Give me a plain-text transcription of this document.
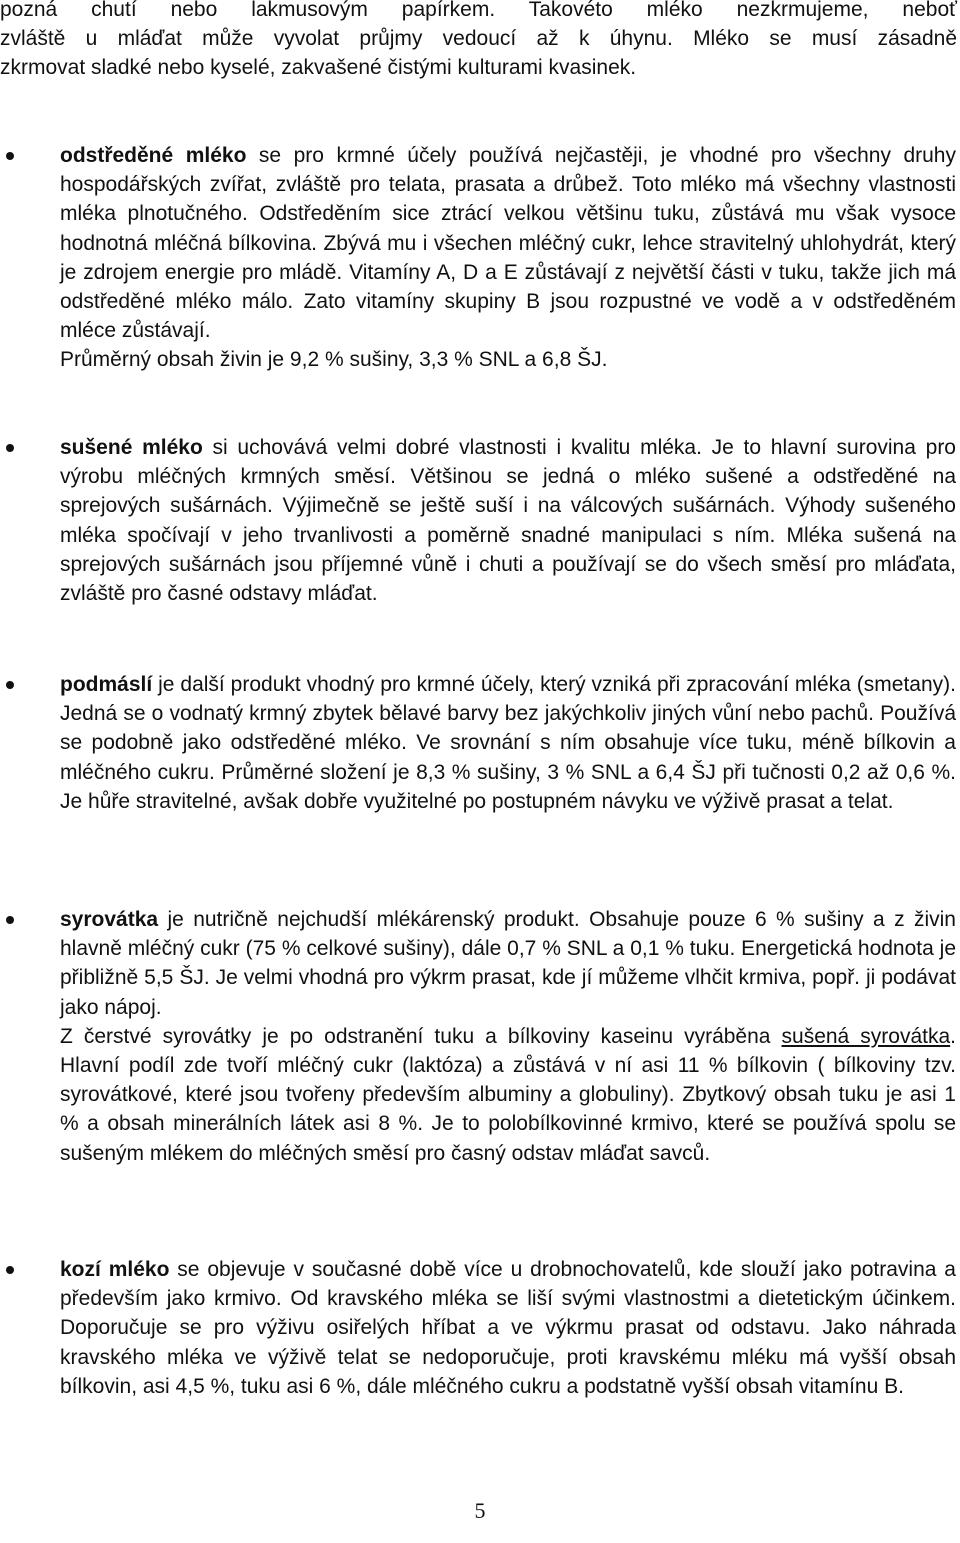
pozná chutí nebo lakmusovým papírkem. Takovéto mléko nezkrmujeme, neboť
zvláště u mláďat může vyvolat průjmy vedoucí až k úhynu. Mléko se musí zásadně
zkrmovat sladké nebo kyselé, zakvašené čistými kulturami kvasinek.

odstředěné mléko se pro krmné účely používá nejčastěji, je vhodné pro všechny druhy hospodářských zvířat, zvláště pro telata, prasata a drůbež. Toto mléko má všechny vlastnosti mléka plnotučného. Odstředěním sice ztrácí velkou většinu tuku, zůstává mu však vysoce hodnotná mléčná bílkovina. Zbývá mu i všechen mléčný cukr, lehce stravitelný uhlohydrát, který je zdrojem energie pro mládě. Vitamíny A, D a E zůstávají z největší části v tuku, takže jich má odstředěné mléko málo. Zato vitamíny skupiny B jsou rozpustné ve vodě a v odstředěném mléce zůstávají.

Průměrný obsah živin je 9,2 % sušiny, 3,3 % SNL a 6,8 ŠJ.

sušené mléko si uchovává velmi dobré vlastnosti i kvalitu mléka. Je to hlavní surovina pro výrobu mléčných krmných směsí. Většinou se jedná o mléko sušené a odstředěné na sprejových sušárnách. Výjimečně se ještě suší i na válcových sušárnách. Výhody sušeného mléka spočívají v jeho trvanlivosti a poměrně snadné manipulaci s ním. Mléka sušená na sprejových sušárnách jsou příjemné vůně i chuti a používají se do všech směsí pro mláďata, zvláště pro časné odstavy mláďat.

podmáslí je další produkt vhodný pro krmné účely, který vzniká při zpracování mléka (smetany). Jedná se o vodnatý krmný zbytek bělavé barvy bez jakýchkoliv jiných vůní nebo pachů. Používá se podobně jako odstředěné mléko. Ve srovnání s ním obsahuje více tuku, méně bílkovin a mléčného cukru. Průměrné složení je 8,3 % sušiny, 3 % SNL a 6,4 ŠJ při tučnosti 0,2 až 0,6 %. Je hůře stravitelné, avšak dobře využitelné po postupném návyku ve výživě prasat a telat.

syrovátka je nutričně nejchudší mlékárenský produkt. Obsahuje pouze 6 % sušiny a z živin hlavně mléčný cukr (75 % celkové sušiny), dále 0,7 % SNL a 0,1 % tuku. Energetická hodnota je přibližně 5,5 ŠJ. Je velmi vhodná pro výkrm prasat, kde jí můžeme vlhčit krmiva, popř. ji podávat jako nápoj.

Z čerstvé syrovátky je po odstranění tuku a bílkoviny kaseinu vyráběna sušená syrovátka. Hlavní podíl zde tvoří mléčný cukr (laktóza) a zůstává v ní asi 11 % bílkovin ( bílkoviny tzv. syrovátkové, které jsou tvořeny především albuminy a globuliny). Zbytkový obsah tuku je asi 1 % a obsah minerálních látek asi 8 %. Je to polobílkovinné krmivo, které se používá spolu se sušeným mlékem do mléčných směsí pro časný odstav mláďat savců.

kozí mléko se objevuje v současné době více u drobnochovatelů, kde slouží jako potravina a především jako krmivo. Od kravského mléka se liší svými vlastnostmi a dietetickým účinkem. Doporučuje se pro výživu osiřelých hříbat a ve výkrmu prasat od odstavu. Jako náhrada kravského mléka ve výživě telat se nedoporučuje, proti kravskému mléku má vyšší obsah bílkovin, asi 4,5 %, tuku asi 6 %, dále mléčného cukru a podstatně vyšší obsah vitamínu B.

5
